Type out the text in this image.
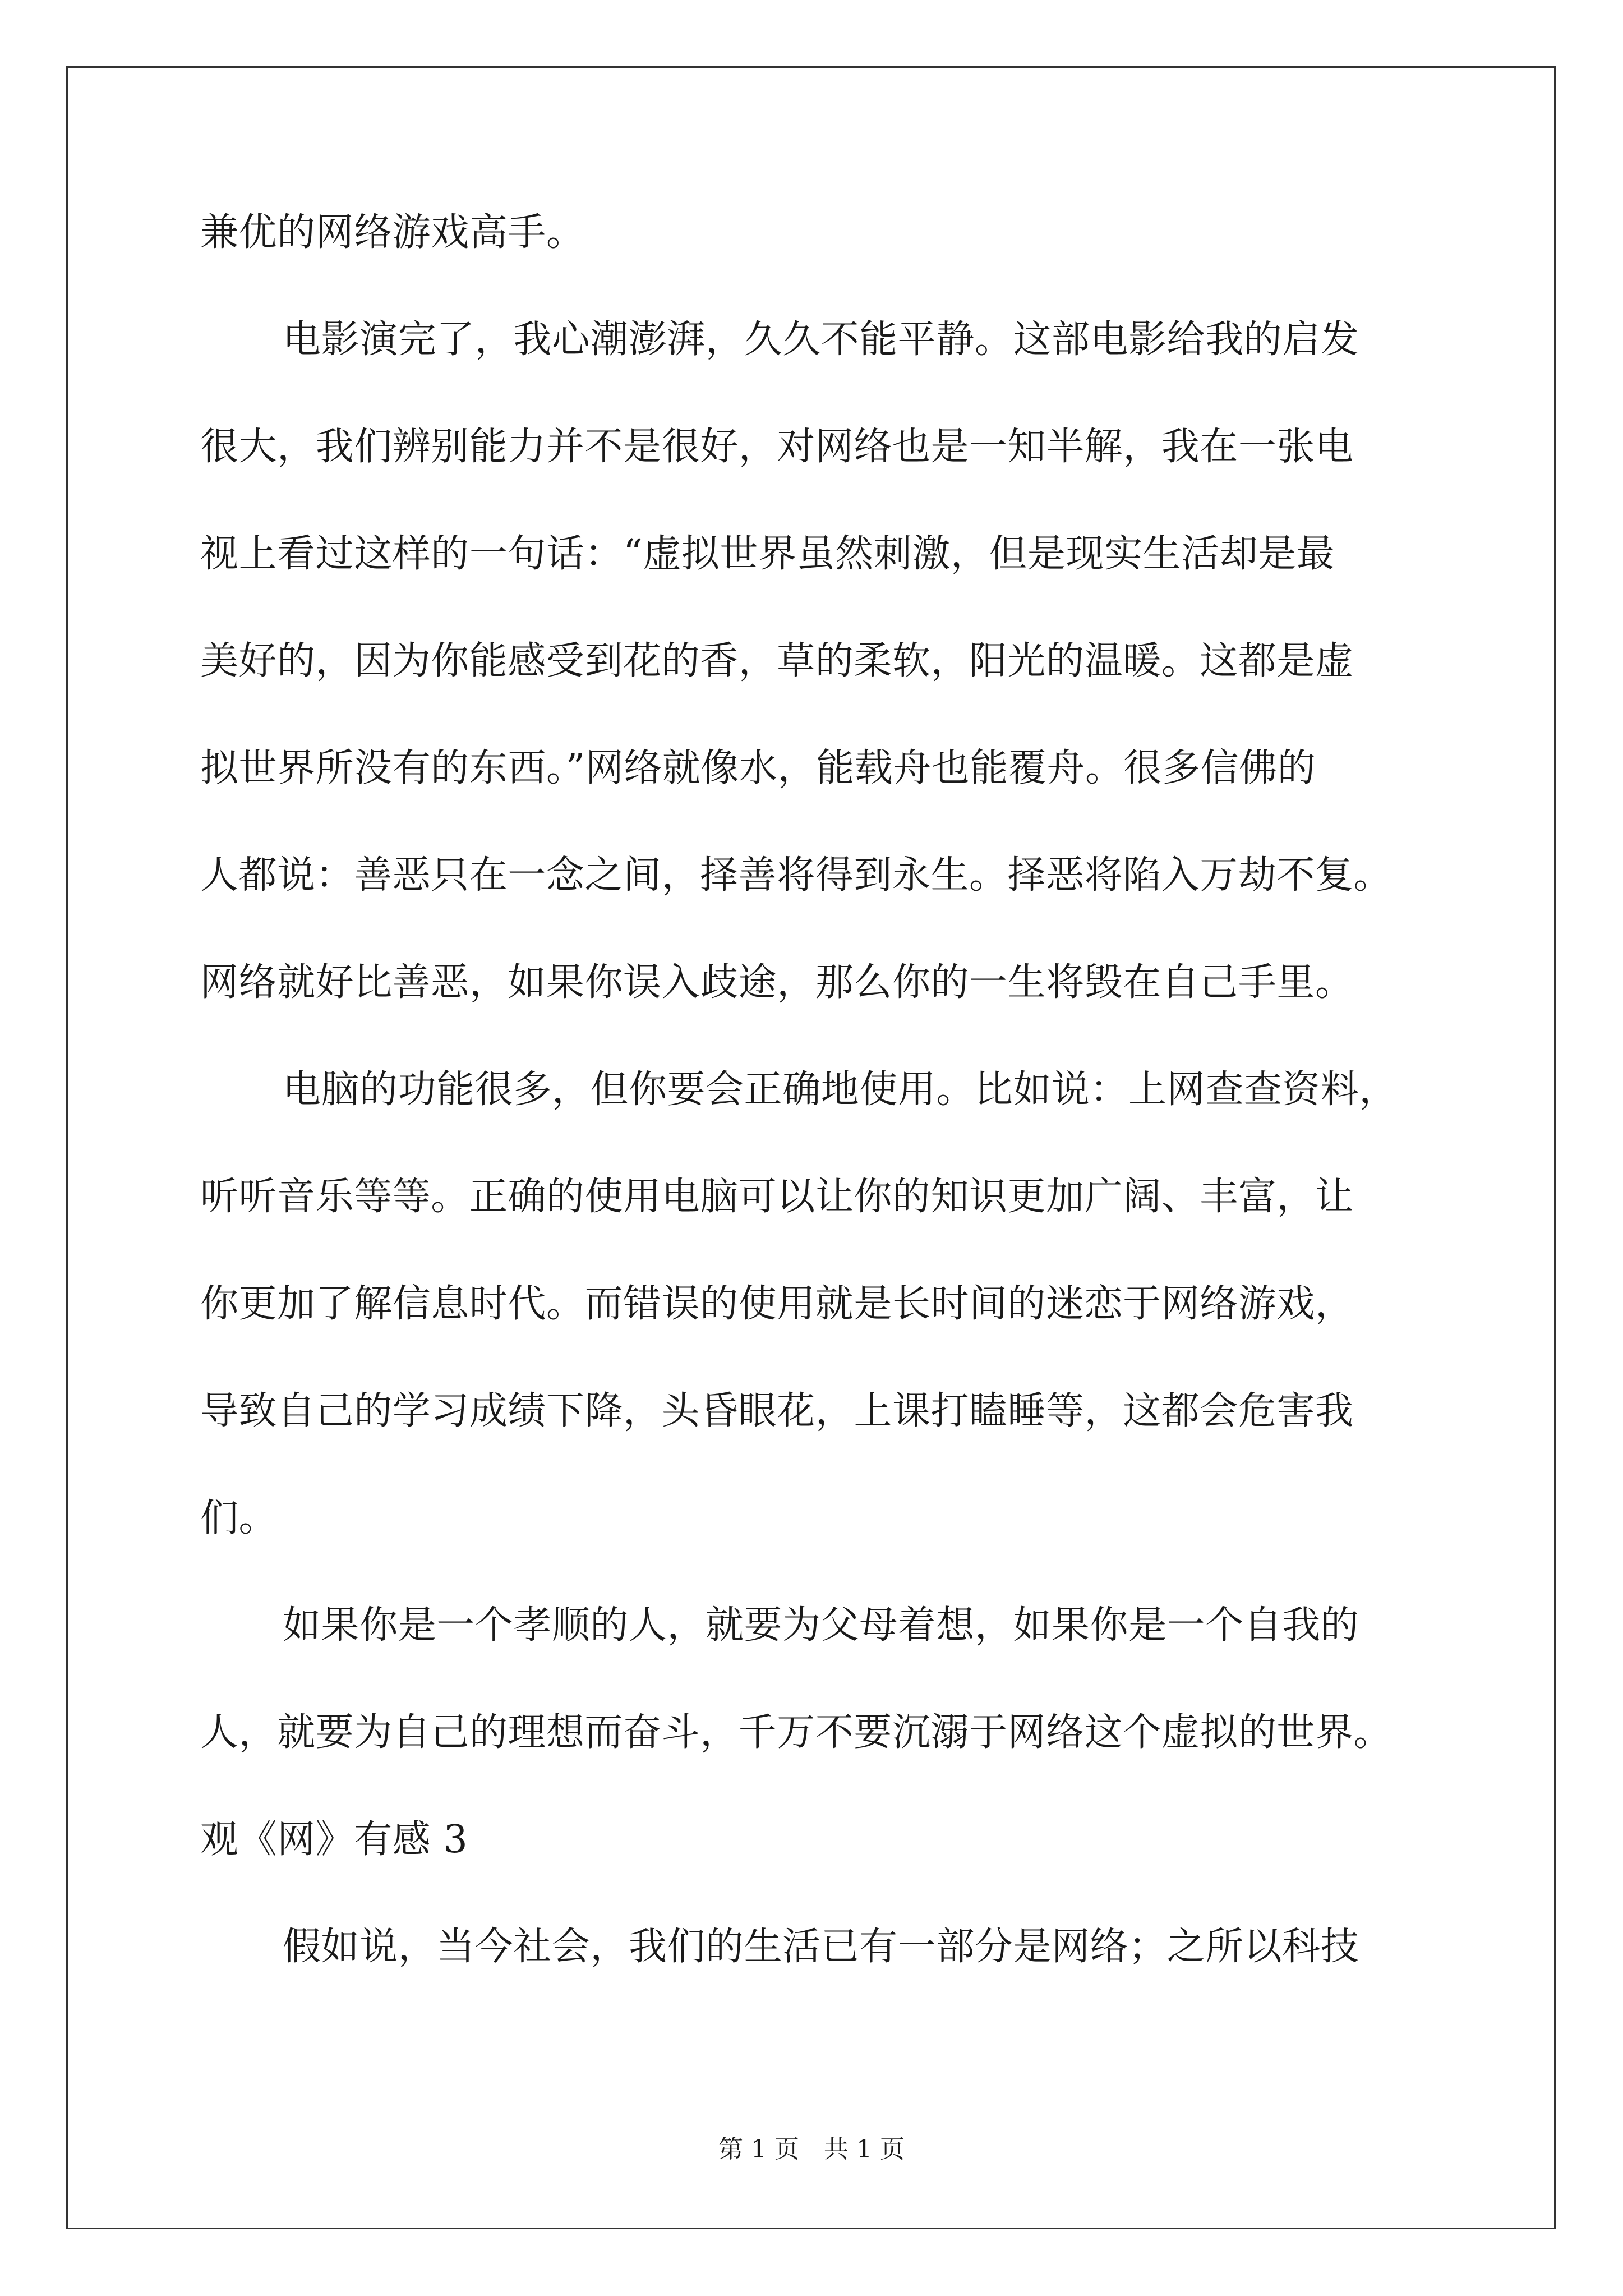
兼优的网络游戏高手。
电影演完了，我心潮澎湃，久久不能平静。这部电影给我的启发
很大，我们辨别能力并不是很好，对网络也是一知半解，我在一张电
视上看过这样的一句话：“虚拟世界虽然刺激，但是现实生活却是最
美好的，因为你能感受到花的香，草的柔软，阳光的温暖。这都是虚
拟世界所没有的东西。”网络就像水，能载舟也能覆舟。很多信佛的
人都说：善恶只在一念之间，择善将得到永生。择恶将陷入万劫不复。
网络就好比善恶，如果你误入歧途，那么你的一生将毁在自己手里。
电脑的功能很多，但你要会正确地使用。比如说：上网查查资料，
听听音乐等等。正确的使用电脑可以让你的知识更加广阔、丰富，让
你更加了解信息时代。而错误的使用就是长时间的迷恋于网络游戏，
导致自己的学习成绩下降，头昏眼花，上课打瞌睡等，这都会危害我
们。
如果你是一个孝顺的人，就要为父母着想，如果你是一个自我的
人，就要为自己的理想而奋斗，千万不要沉溺于网络这个虚拟的世界。
观《网》有感 3
假如说，当今社会，我们的生活已有一部分是网络；之所以科技
第 1 页　共 1 页
